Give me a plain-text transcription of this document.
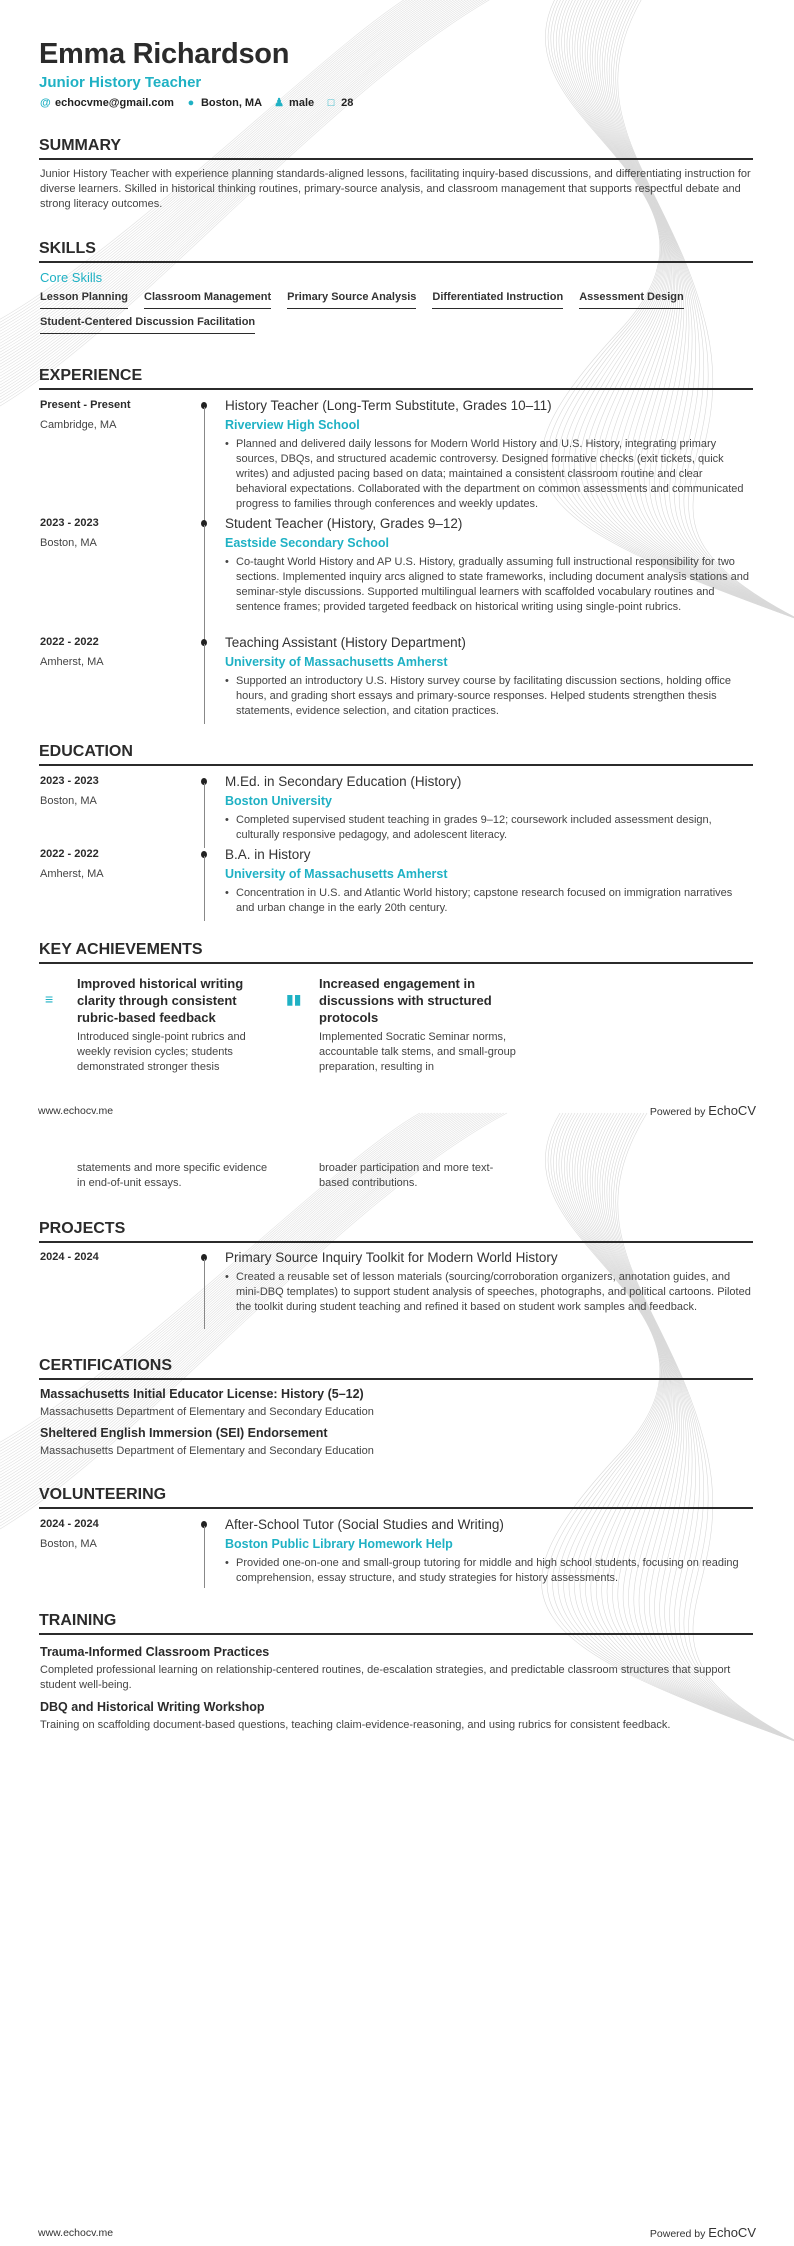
Emma Richardson
Junior History Teacher
@ echocvme@gmail.com ● Boston, MA ♟ male □ 28
SUMMARY
Junior History Teacher with experience planning standards-aligned lessons, facilitating inquiry-based discussions, and differentiating instruction for diverse learners. Skilled in historical thinking routines, primary-source analysis, and classroom management that supports respectful debate and strong literacy outcomes.
SKILLS
Core Skills
Lesson Planning Classroom Management Primary Source Analysis Differentiated Instruction Assessment Design
Student-Centered Discussion Facilitation
EXPERIENCE
Present - Present
Cambridge, MA
History Teacher (Long-Term Substitute, Grades 10–11)
Riverview High School
• Planned and delivered daily lessons for Modern World History and U.S. History, integrating primary sources, DBQs, and structured academic controversy. Designed formative checks (exit tickets, quick writes) and adjusted pacing based on data; maintained a consistent classroom routine and clear behavioral expectations. Collaborated with the department on common assessments and communicated progress to families through conferences and weekly updates.
2023 - 2023
Boston, MA
Student Teacher (History, Grades 9–12)
Eastside Secondary School
• Co-taught World History and AP U.S. History, gradually assuming full instructional responsibility for two sections. Implemented inquiry arcs aligned to state frameworks, including document analysis stations and seminar-style discussions. Supported multilingual learners with scaffolded vocabulary routines and sentence frames; provided targeted feedback on historical writing using single-point rubrics.
2022 - 2022
Amherst, MA
Teaching Assistant (History Department)
University of Massachusetts Amherst
• Supported an introductory U.S. History survey course by facilitating discussion sections, holding office hours, and grading short essays and primary-source responses. Helped students strengthen thesis statements, evidence selection, and citation practices.
EDUCATION
2023 - 2023
Boston, MA
M.Ed. in Secondary Education (History)
Boston University
• Completed supervised student teaching in grades 9–12; coursework included assessment design, culturally responsive pedagogy, and adolescent literacy.
2022 - 2022
Amherst, MA
B.A. in History
University of Massachusetts Amherst
• Concentration in U.S. and Atlantic World history; capstone research focused on immigration narratives and urban change in the early 20th century.
KEY ACHIEVEMENTS
≡
Improved historical writing clarity through consistent rubric-based feedback
Introduced single-point rubrics and weekly revision cycles; students demonstrated stronger thesis
▮▮
Increased engagement in discussions with structured protocols
Implemented Socratic Seminar norms, accountable talk stems, and small-group preparation, resulting in
www.echocv.me	Powered by EchoCV
statements and more specific evidence in end-of-unit essays.
broader participation and more text-based contributions.
PROJECTS
2024 - 2024	Primary Source Inquiry Toolkit for Modern World History
• Created a reusable set of lesson materials (sourcing/corroboration organizers, annotation guides, and mini-DBQ templates) to support student analysis of speeches, photographs, and political cartoons. Piloted the toolkit during student teaching and refined it based on student work samples and feedback.
CERTIFICATIONS
Massachusetts Initial Educator License: History (5–12)
Massachusetts Department of Elementary and Secondary Education
Sheltered English Immersion (SEI) Endorsement
Massachusetts Department of Elementary and Secondary Education
VOLUNTEERING
2024 - 2024
Boston, MA
After-School Tutor (Social Studies and Writing)
Boston Public Library Homework Help
• Provided one-on-one and small-group tutoring for middle and high school students, focusing on reading comprehension, essay structure, and study strategies for history assessments.
TRAINING
Trauma-Informed Classroom Practices
Completed professional learning on relationship-centered routines, de-escalation strategies, and predictable classroom structures that support student well-being.
DBQ and Historical Writing Workshop
Training on scaffolding document-based questions, teaching claim-evidence-reasoning, and using rubrics for consistent feedback.
www.echocv.me	Powered by EchoCV
